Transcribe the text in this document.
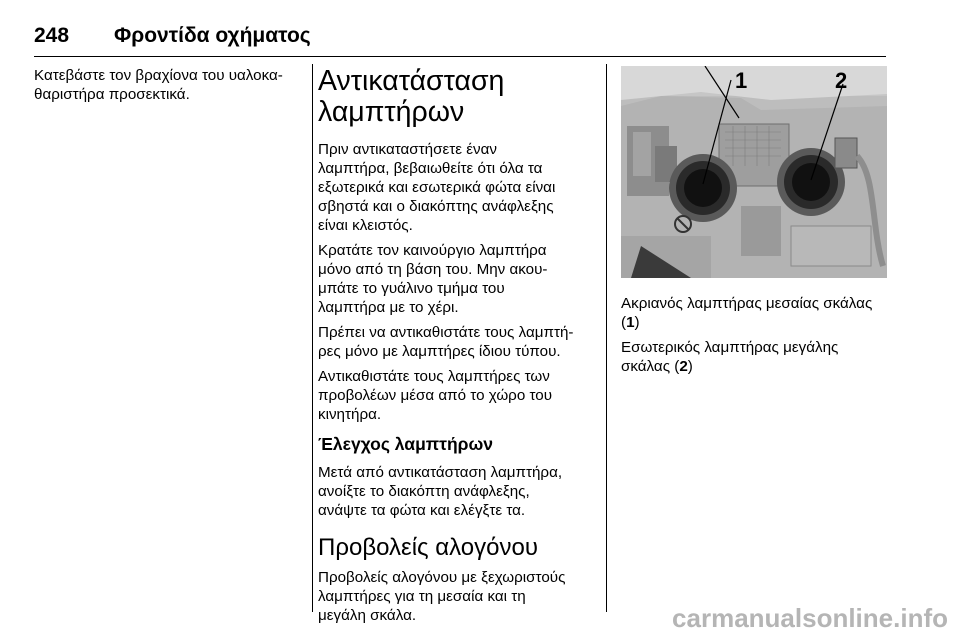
248 Φροντίδα οχήματος

Κατεβάστε τον βραχίονα του υαλοκα-
θαριστήρα προσεκτικά.	Αντικατάσταση
λαμπτήρων

Πριν αντικαταστήσετε έναν
λαμπτήρα, βεβαιωθείτε ότι όλα τα
εξωτερικά και εσωτερικά φώτα είναι
σβηστά και ο διακόπτης ανάφλεξης
είναι κλειστός.

Κρατάτε τον καινούργιο λαμπτήρα
μόνο από τη βάση του. Μην ακου-
μπάτε το γυάλινο τμήμα του
λαμπτήρα με το χέρι.

Πρέπει να αντικαθιστάτε τους λαμπτή-
ρες μόνο με λαμπτήρες ίδιου τύπου.

Αντικαθιστάτε τους λαμπτήρες των
προβολέων μέσα από το χώρο του
κινητήρα.

Έλεγχος λαμπτήρων

Μετά από αντικατάσταση λαμπτήρα,
ανοίξτε το διακόπτη ανάφλεξης,
ανάψτε τα φώτα και ελέγξτε τα.

Προβολείς αλογόνου

Προβολείς αλογόνου με ξεχωριστούς
λαμπτήρες για τη μεσαία και τη
μεγάλη σκάλα.

1	2

Ακριανός λαμπτήρας μεσαίας σκάλας
(1)

Εσωτερικός λαμπτήρας μεγάλης
σκάλας (2)

carmanualsonline.info
